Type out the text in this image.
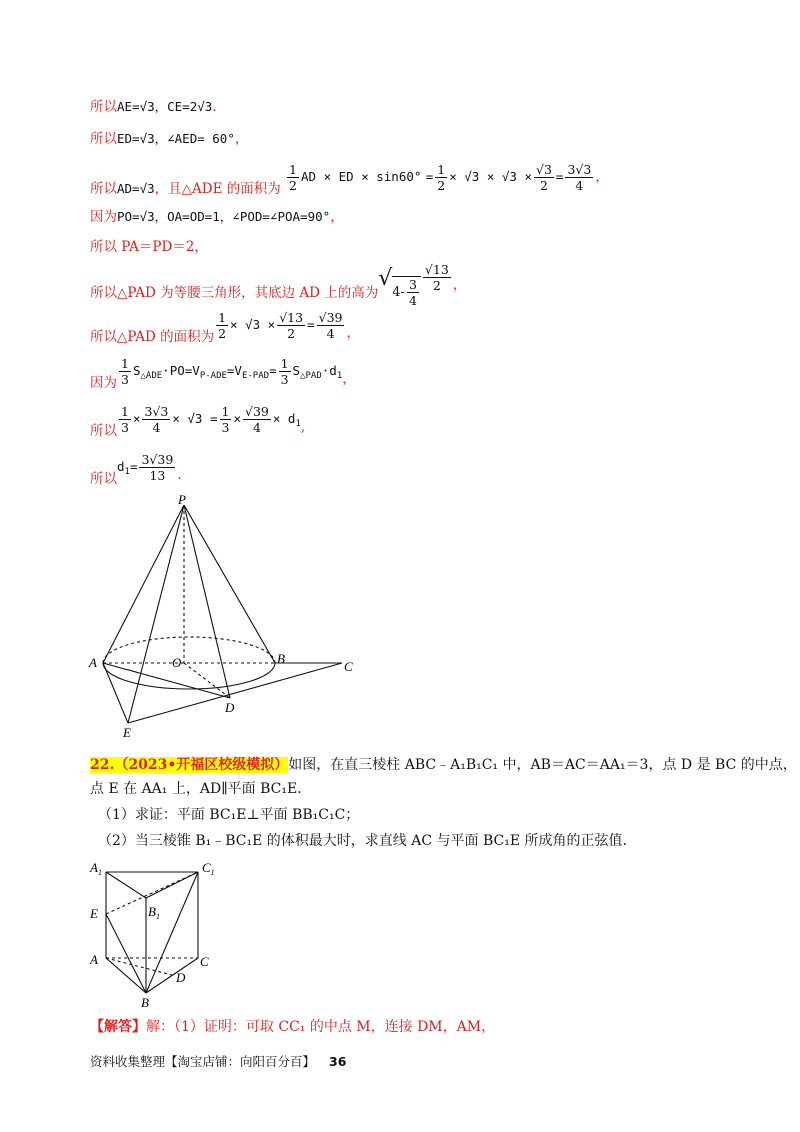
所以AE=√3，CE=2√3.
所以ED=√3，∠AED= 60°，
所以AD=√3，且△ADE 的面积为 $\frac{1}{2}$ AD × ED × $\sin 60^\circ = \frac{1}{2} \times √3 \times √3 \times \frac{√3}{2} = \frac{3√3}{4}$ ，
因为PO=√3，OA=OD=1，∠POD=∠POA=90°，
所以 PA＝PD＝2，
所以△PAD 为等腰三角形，其底边 AD 上的高为$√4- \frac{3}{4} \frac{√13}{2}$ ，
所以△PAD 的面积为 $\frac{1}{2} \times √3 \times \frac{√13}{2} = \frac{√39}{4}$ ，
因为 $\frac{1}{3} S_{\triangle ADE}\cdot PO=V_{P-ADE}=V_{E-PAD}= \frac{1}{3} S_{\triangle PAD}\cdot d_1$，
所以 $\frac{1}{3} \times \frac{3√3}{4} \times √3 = \frac{1}{3} \times \frac{√39}{4} \times d_1$,
所以$d_1= \frac{3√39}{13}$ .
P
A	O	B
C
D
E
22.（2023•开福区校级模拟）如图，在直三棱柱 ABC﹣A₁B₁C₁ 中，AB＝AC＝AA₁＝3，点 D 是 BC 的中点，
点 E 在 AA₁ 上，AD∥平面 BC₁E.
（1）求证：平面 BC₁E⊥平面 BB₁C₁C；
（2）当三棱锥 B₁﹣BC₁E 的体积最大时，求直线 AC 与平面 BC₁E 所成角的正弦值.
$A_1$	$C_1$
E	$B_1$
A	C
D
B
【解答】解：（1）证明：可取 CC₁ 的中点 M，连接 DM，AM，
资料收集整理【淘宝店铺：向阳百分百】 36
